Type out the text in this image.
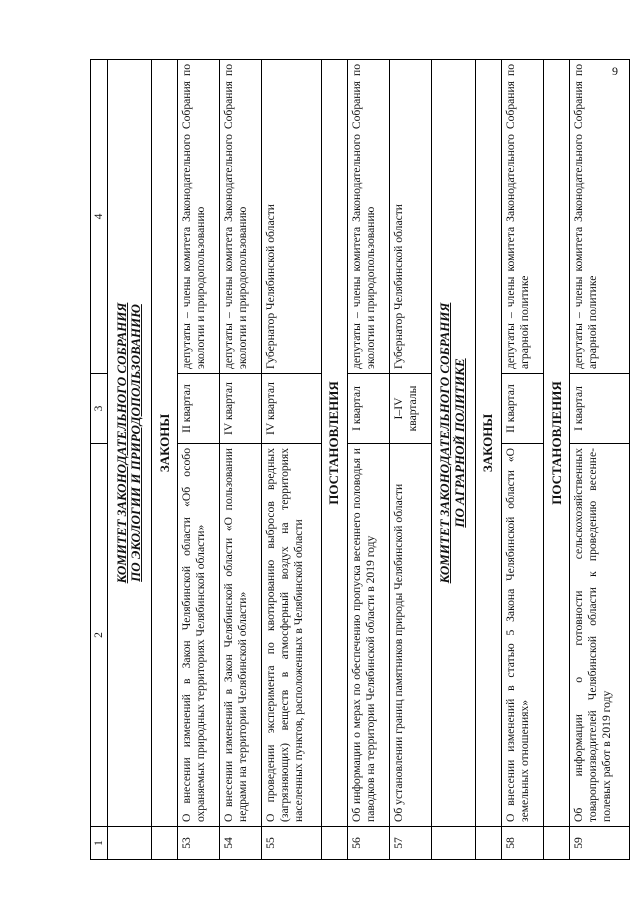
9
1	2	3	4

	КОМИТЕТ ЗАКОНОДАТЕЛЬНОГО СОБРАНИЯ ПО ЭКОЛОГИИ И ПРИРОДОПОЛЬЗОВАНИЮ		

	ЗАКОНЫ		
53	О внесении изменений в Закон Челябинской области «Об особо охраняемых природных территориях Челябинской области»	II квартал	депутаты – члены комитета Законодательного Собрания по экологии и природопользованию
54	О внесении изменений в Закон Челябинской области «О пользовании недрами на территории Челябинской области»	IV квартал	депутаты – члены комитета Законодательного Собрания по экологии и природопользованию
55	О проведении эксперимента по квотированию выбросов вредных (загрязняющих) веществ в атмосферный воздух на территориях населенных пунктов, расположенных в Челябинской области	IV квартал	Губернатор Челябинской области
	ПОСТАНОВЛЕНИЯ		
56	Об информации о мерах по обеспечению пропуска весеннего половодья и паводков на территории Челябинской области в 2019 году	I квартал	депутаты – члены комитета Законодательного Собрания по экологии и природопользованию
57	Об установлении границ памятников природы Челябинской области	I–IV кварталы	Губернатор Челябинской области

	КОМИТЕТ ЗАКОНОДАТЕЛЬНОГО СОБРАНИЯ ПО АГРАРНОЙ ПОЛИТИКЕ		

	ЗАКОНЫ		
58	О внесении изменений в статью 5 Закона Челябинской области «О земельных отношениях»	II квартал	депутаты – члены комитета Законодательного Собрания по аграрной политике
	ПОСТАНОВЛЕНИЯ		
59	Об информации о готовности сельскохозяйственных товаропроизводителей Челябинской области к проведению весенне-полевых работ в 2019 году	I квартал	депутаты – члены комитета Законодательного Собрания по аграрной политике
